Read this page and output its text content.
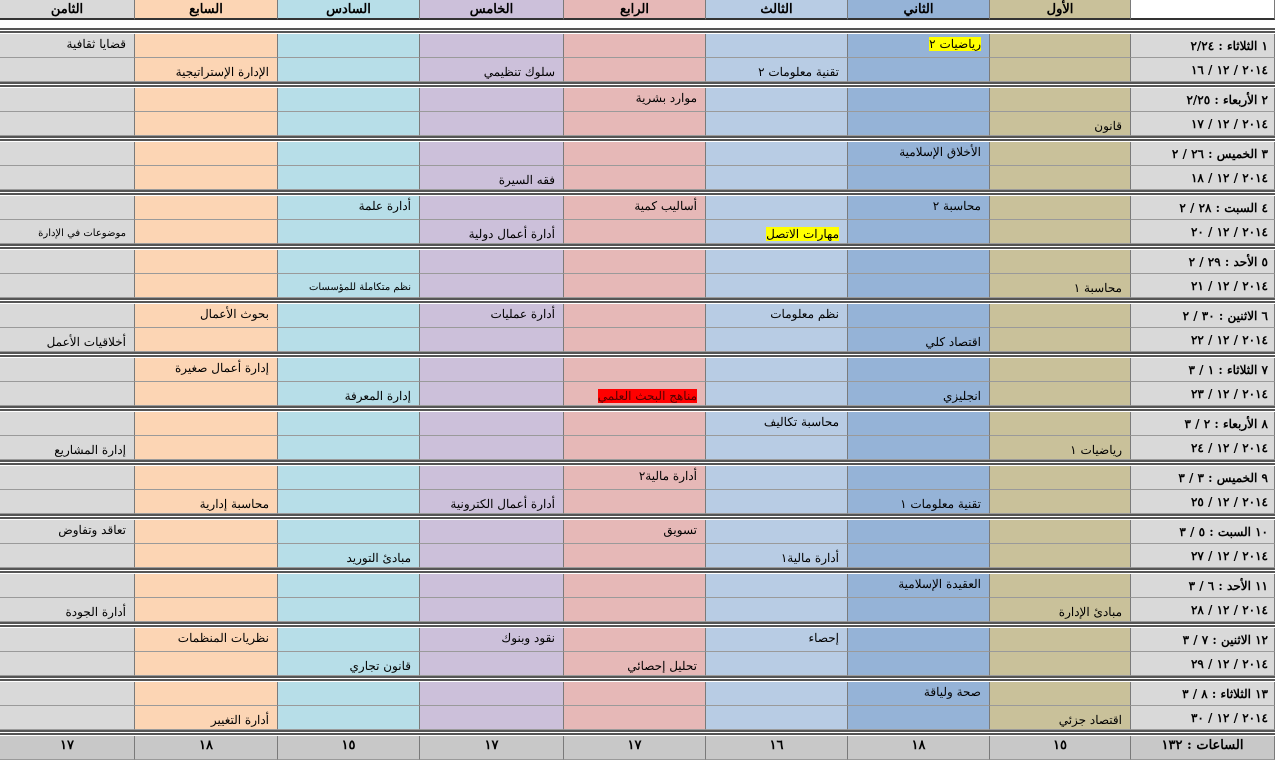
الأول
الثاني
الثالث
الرابع
الخامس
السادس
السابع
الثامن
١ الثلاثاء : ٢/٢٤
٢٠١٤ / ١٢ / ١٦
رياضيات ٢
قضايا ثقافية
تقنية معلومات ٢
سلوك تنظيمي
الإدارة الإستراتيجية
٢ الأربعاء : ٢/٢٥
٢٠١٤ / ١٢ / ١٧
موارد بشرية
قانون
٣ الخميس : ٢٦ / ٢
٢٠١٤ / ١٢ / ١٨
الأخلاق الإسلامية
فقه السيرة
٤ السبت : ٢٨ / ٢
٢٠١٤ / ١٢ / ٢٠
محاسبة ٢
أساليب كمية
أدارة علمة
مهارات الاتصل
أدارة أعمال دولية
موضوعات في الإدارة
٥ الأحد : ٢٩ / ٢
٢٠١٤ / ١٢ / ٢١
محاسبة ١
نظم متكاملة للمؤسسات
٦ الاثنين : ٣٠ / ٢
٢٠١٤ / ١٢ / ٢٢
نظم معلومات
أدارة عمليات
بحوث الأعمال
اقتصاد كلي
أخلاقيات الأعمل
٧ الثلاثاء : ١ / ٣
٢٠١٤ / ١٢ / ٢٣
إدارة أعمال صغيرة
انجليزي
مناهج البحث العلمي
إدارة المعرفة
٨ الأربعاء : ٢ / ٣
٢٠١٤ / ١٢ / ٢٤
محاسبة تكاليف
رياضيات ١
إدارة المشاريع
٩ الخميس : ٣ / ٣
٢٠١٤ / ١٢ / ٢٥
أدارة مالية٢
تقنية معلومات ١
أدارة أعمال الكترونية
محاسبة إدارية
١٠ السبت : ٥ / ٣
٢٠١٤ / ١٢ / ٢٧
تسويق
تعاقد وتفاوض
أدارة مالية١
مبادئ التوريد
١١ الأحد : ٦ / ٣
٢٠١٤ / ١٢ / ٢٨
العقيدة الإسلامية
مبادئ الإدارة
أدارة الجودة
١٢ الاثنين : ٧ / ٣
٢٠١٤ / ١٢ / ٢٩
إحصاء
نقود وبنوك
نظريات المنظمات
تحليل إحصائي
قانون تجاري
١٣ الثلاثاء : ٨ / ٣
٢٠١٤ / ١٢ / ٣٠
صحة ولياقة
اقتصاد جزئي
أدارة التغيير
الساعات : ١٣٢
١٥
١٨
١٦
١٧
١٧
١٥
١٨
١٧
